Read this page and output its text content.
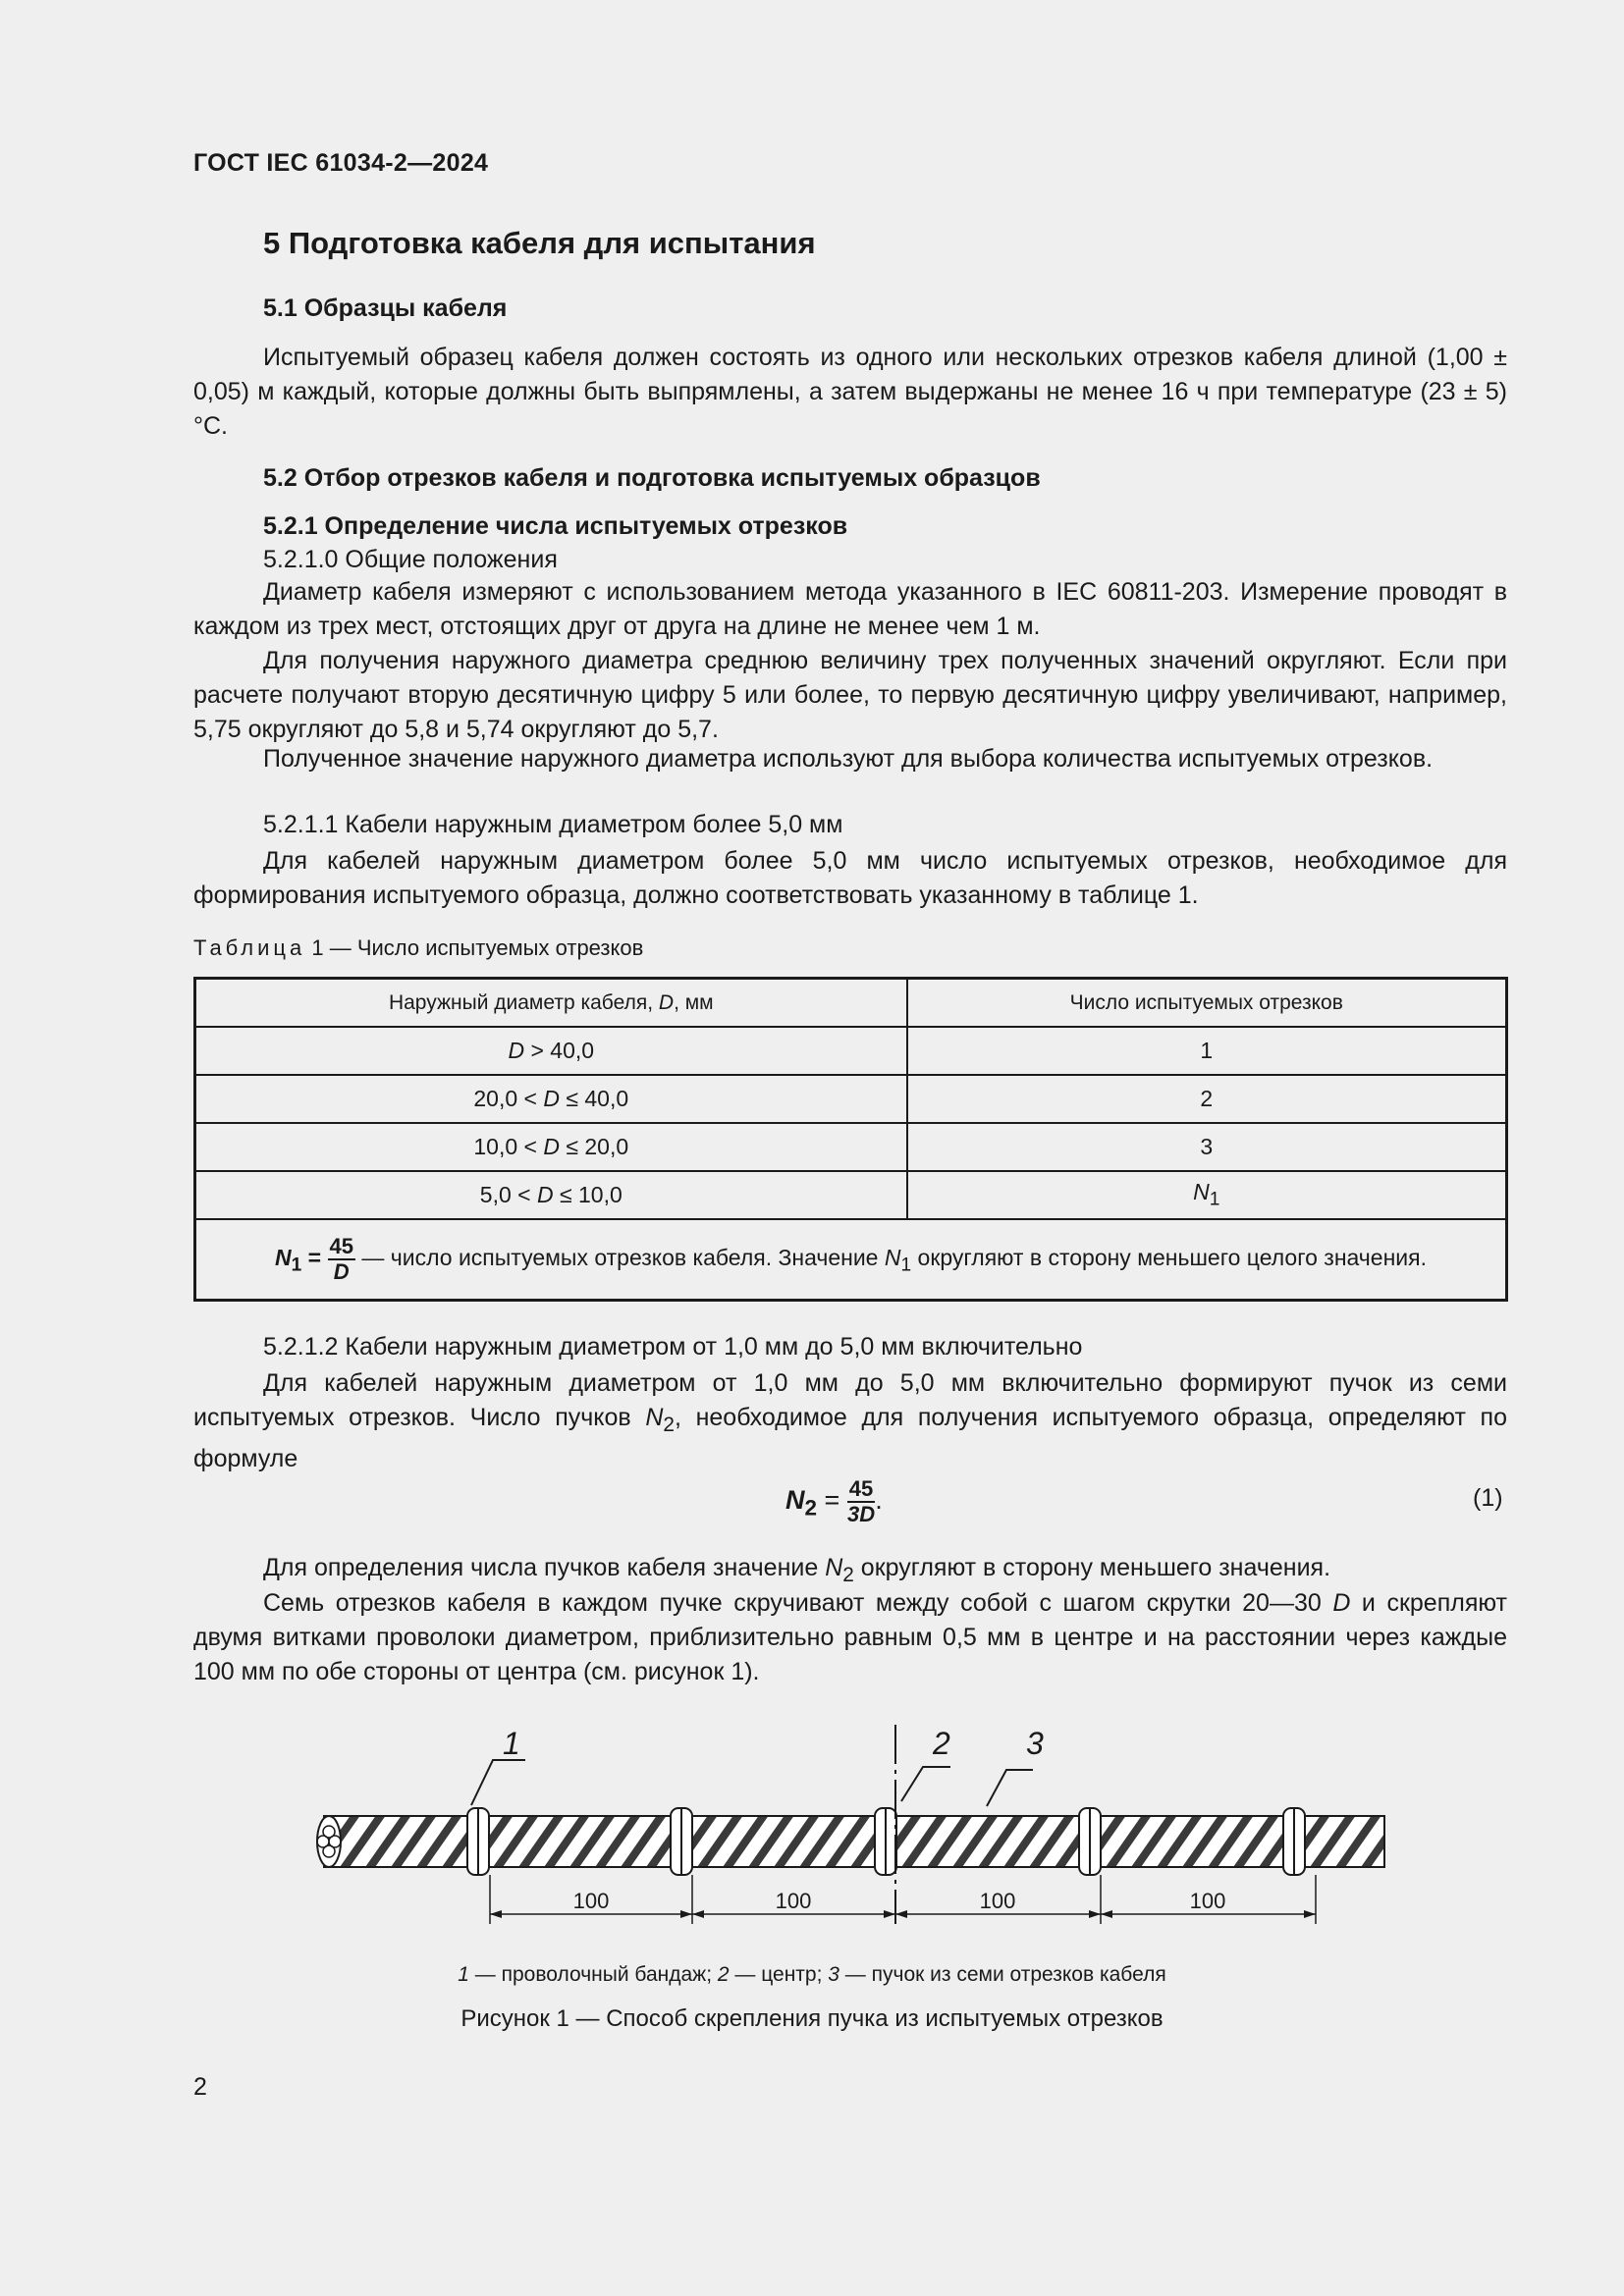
ГОСТ IEC 61034-2—2024
5 Подготовка кабеля для испытания
5.1 Образцы кабеля
Испытуемый образец кабеля должен состоять из одного или нескольких отрезков кабеля длиной (1,00 ± 0,05) м каждый, которые должны быть выпрямлены, а затем выдержаны не менее 16 ч при температуре (23 ± 5) °С.
5.2 Отбор отрезков кабеля и подготовка испытуемых образцов
5.2.1 Определение числа испытуемых отрезков
5.2.1.0 Общие положения
Диаметр кабеля измеряют с использованием метода указанного в IEC 60811-203. Измерение проводят в каждом из трех мест, отстоящих друг от друга на длине не менее чем 1 м.
Для получения наружного диаметра среднюю величину трех полученных значений округляют. Если при расчете получают вторую десятичную цифру 5 или более, то первую десятичную цифру увеличивают, например, 5,75 округляют до 5,8 и 5,74 округляют до 5,7.
Полученное значение наружного диаметра используют для выбора количества испытуемых отрезков.
5.2.1.1 Кабели наружным диаметром более 5,0 мм
Для кабелей наружным диаметром более 5,0 мм число испытуемых отрезков, необходимое для формирования испытуемого образца, должно соответствовать указанному в таблице 1.
Таблица 1 — Число испытуемых отрезков
Наружный диаметр кабеля, D, мм	Число испытуемых отрезков
D > 40,0	1
20,0 < D ≤ 40,0	2
10,0 < D ≤ 20,0	3
5,0 < D ≤ 10,0	$N_1$
$N_1 = \frac{45}{D}$ — число испытуемых отрезков кабеля. Значение $N_1$ округляют в сторону меньшего целого значения.	
5.2.1.2 Кабели наружным диаметром от 1,0 мм до 5,0 мм включительно
Для кабелей наружным диаметром от 1,0 мм до 5,0 мм включительно формируют пучок из семи испытуемых отрезков. Число пучков $N_2$, необходимое для получения испытуемого образца, определяют по формуле
$N_2 = \frac{45}{3D}$ .	(1)
Для определения числа пучков кабеля значение $N_2$ округляют в сторону меньшего значения.
Семь отрезков кабеля в каждом пучке скручивают между собой с шагом скрутки 20—30 D и скрепляют двумя витками проволоки диаметром, приблизительно равным 0,5 мм в центре и на расстоянии через каждые 100 мм по обе стороны от центра (см. рисунок 1).
1	2 3
100	100	100	100
1 — проволочный бандаж; 2 — центр; 3 — пучок из семи отрезков кабеля
Рисунок 1 — Способ скрепления пучка из испытуемых отрезков
2
